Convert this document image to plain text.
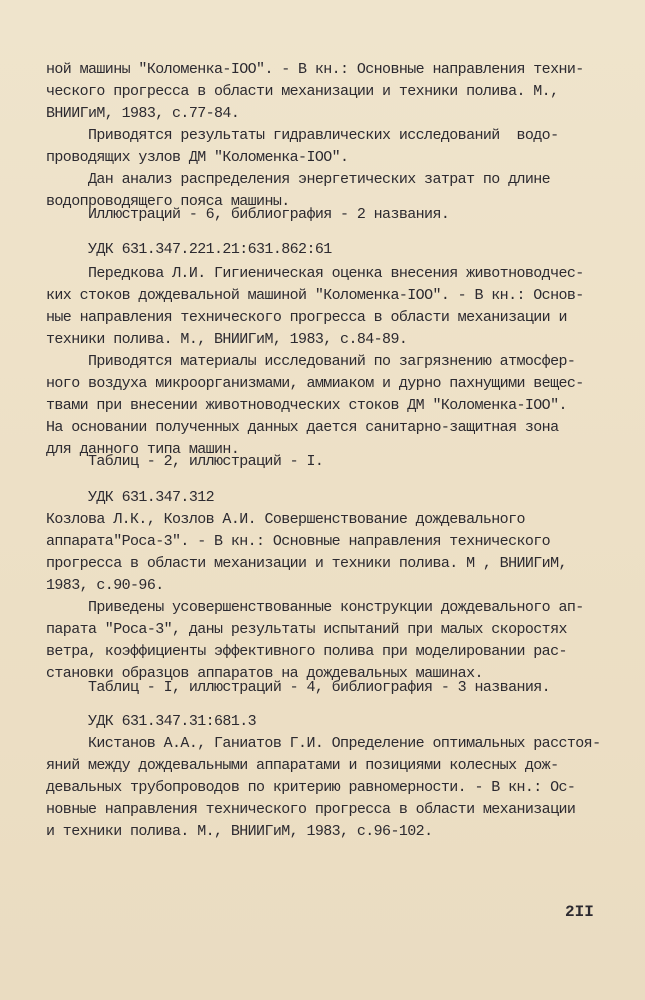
ной машины "Коломенка-IOO". - В кн.: Основные направления техни-
ческого прогресса в области механизации и техники полива. М.,
ВНИИГиМ, 1983, с.77-84.
Приводятся результаты гидравлических исследований  водо-
проводящих узлов ДМ "Коломенка-IOO".
Дан анализ распределения энергетических затрат по длине
водопроводящего пояса машины.
Иллюстраций - 6, библиография - 2 названия.
УДК 631.347.221.21:631.862:61
Передкова Л.И. Гигиеническая оценка внесения животноводчес-
ких стоков дождевальной машиной "Коломенка-IOO". - В кн.: Основ-
ные направления технического прогресса в области механизации и
техники полива. М., ВНИИГиМ, 1983, с.84-89.
Приводятся материалы исследований по загрязнению атмосфер-
ного воздуха микроорганизмами, аммиаком и дурно пахнущими вещес-
твами при внесении животноводческих стоков ДМ "Коломенка-IOO".
На основании полученных данных дается санитарно-защитная зона
для данного типа машин.
Таблиц - 2, иллюстраций - I.
УДК 631.347.312
Козлова Л.К., Козлов А.И. Совершенствование дождевального
аппарата"Роса-3". - В кн.: Основные направления технического
прогресса в области механизации и техники полива. М , ВНИИГиМ,
1983, с.90-96.
Приведены усовершенствованные конструкции дождевального ап-
парата "Роса-3", даны результаты испытаний при малых скоростях
ветра, коэффициенты эффективного полива при моделировании рас-
становки образцов аппаратов на дождевальных машинах.
Таблиц - I, иллюстраций - 4, библиография - 3 названия.
УДК 631.347.31:681.3
Кистанов А.А., Ганиатов Г.И. Определение оптимальных расстоя-
яний между дождевальными аппаратами и позициями колесных дож-
девальных трубопроводов по критерию равномерности. - В кн.: Ос-
новные направления технического прогресса в области механизации
и техники полива. М., ВНИИГиМ, 1983, с.96-102.
2II
